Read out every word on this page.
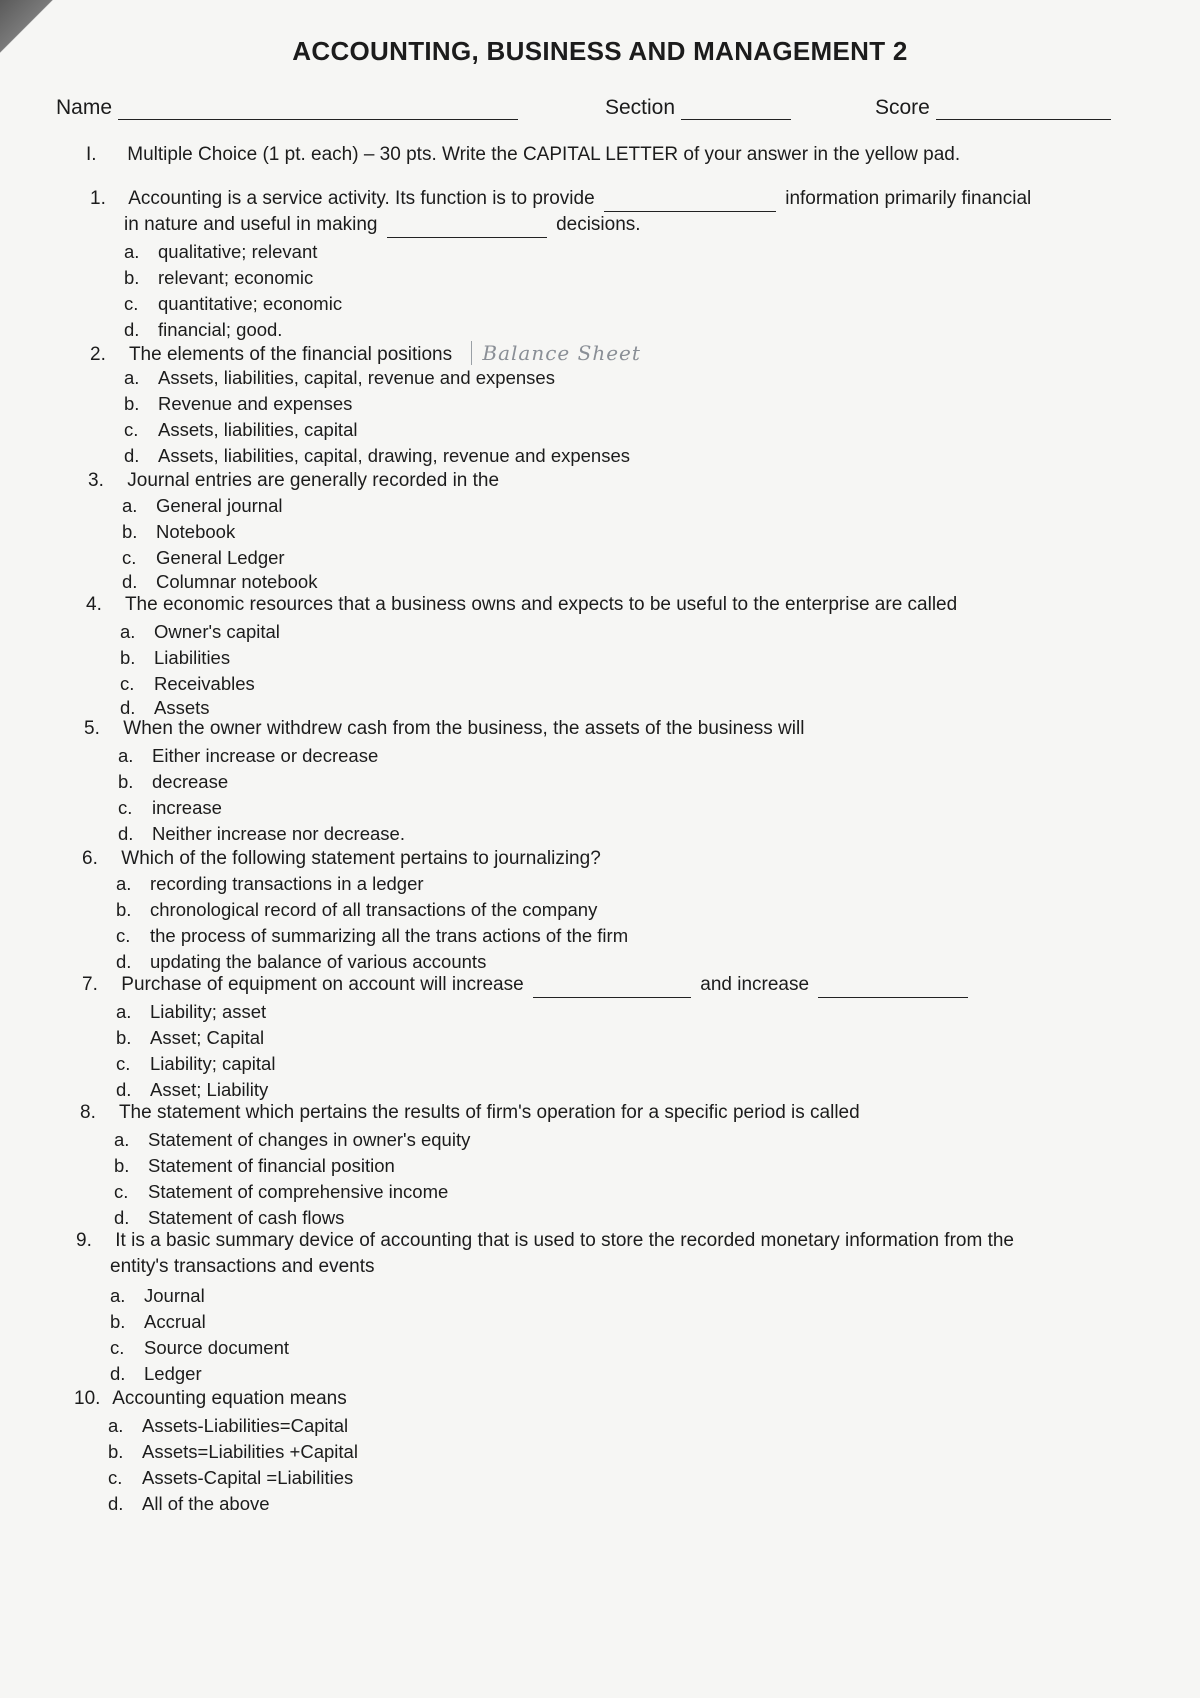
ACCOUNTING, BUSINESS AND MANAGEMENT 2
Name	Section	Score
I. Multiple Choice (1 pt. each) – 30 pts. Write the CAPITAL LETTER of your answer in the yellow pad.
1. Accounting is a service activity. Its function is to provide	information primarily financial
in nature and useful in making	decisions.
a. qualitative; relevant
b. relevant; economic
c. quantitative; economic
d. financial; good.
2. The elements of the financial positions Balance Sheet
a. Assets, liabilities, capital, revenue and expenses
b. Revenue and expenses
c. Assets, liabilities, capital
d. Assets, liabilities, capital, drawing, revenue and expenses
3. Journal entries are generally recorded in the
a. General journal
b. Notebook
c. General Ledger
d. Columnar notebook
4. The economic resources that a business owns and expects to be useful to the enterprise are called
a. Owner's capital
b. Liabilities
c. Receivables
d. Assets
5. When the owner withdrew cash from the business, the assets of the business will
a. Either increase or decrease
b. decrease
c. increase
d. Neither increase nor decrease.
6. Which of the following statement pertains to journalizing?
a. recording transactions in a ledger
b. chronological record of all transactions of the company
c. the process of summarizing all the trans actions of the firm
d. updating the balance of various accounts
7. Purchase of equipment on account will increase	and increase
a. Liability; asset
b. Asset; Capital
c. Liability; capital
d. Asset; Liability
8. The statement which pertains the results of firm's operation for a specific period is called
a. Statement of changes in owner's equity
b. Statement of financial position
c. Statement of comprehensive income
d. Statement of cash flows
9. It is a basic summary device of accounting that is used to store the recorded monetary information from the
entity's transactions and events
a. Journal
b. Accrual
c. Source document
d. Ledger
10. Accounting equation means
a. Assets-Liabilities=Capital
b. Assets=Liabilities +Capital
c. Assets-Capital =Liabilities
d. All of the above
